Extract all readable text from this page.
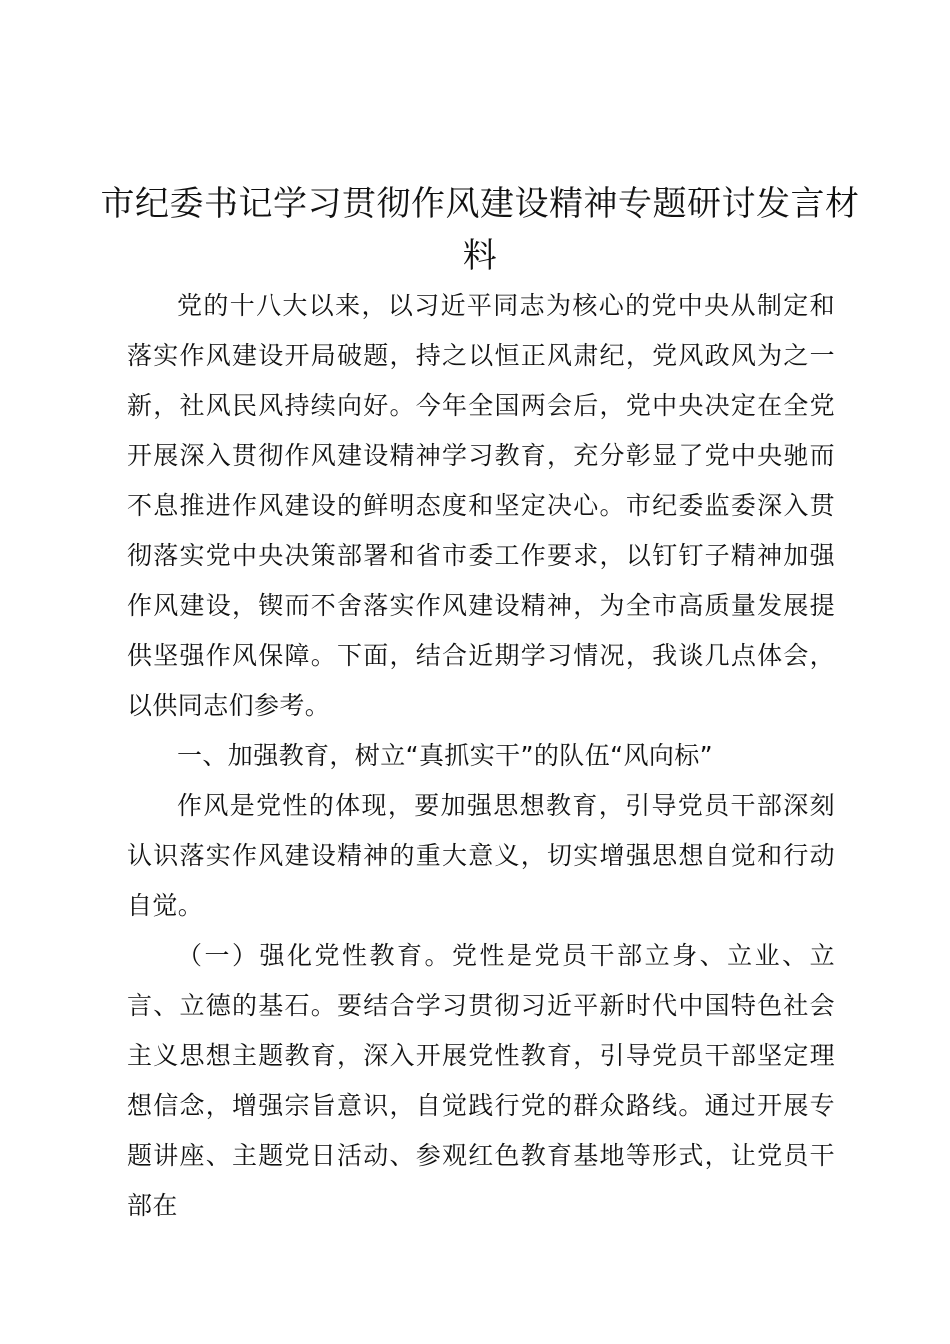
市纪委书记学习贯彻作风建设精神专题研讨发言材料

党的十八大以来，以习近平同志为核心的党中央从制定和落实作风建设开局破题，持之以恒正风肃纪，党风政风为之一新，社风民风持续向好。今年全国两会后，党中央决定在全党开展深入贯彻作风建设精神学习教育，充分彰显了党中央驰而不息推进作风建设的鲜明态度和坚定决心。市纪委监委深入贯彻落实党中央决策部署和省市委工作要求，以钉钉子精神加强作风建设，锲而不舍落实作风建设精神，为全市高质量发展提供坚强作风保障。下面，结合近期学习情况，我谈几点体会，以供同志们参考。

一、加强教育，树立“真抓实干”的队伍“风向标”

作风是党性的体现，要加强思想教育，引导党员干部深刻认识落实作风建设精神的重大意义，切实增强思想自觉和行动自觉。

（一）强化党性教育。党性是党员干部立身、立业、立言、立德的基石。要结合学习贯彻习近平新时代中国特色社会主义思想主题教育，深入开展党性教育，引导党员干部坚定理想信念，增强宗旨意识，自觉践行党的群众路线。通过开展专题讲座、主题党日活动、参观红色教育基地等形式，让党员干部在
